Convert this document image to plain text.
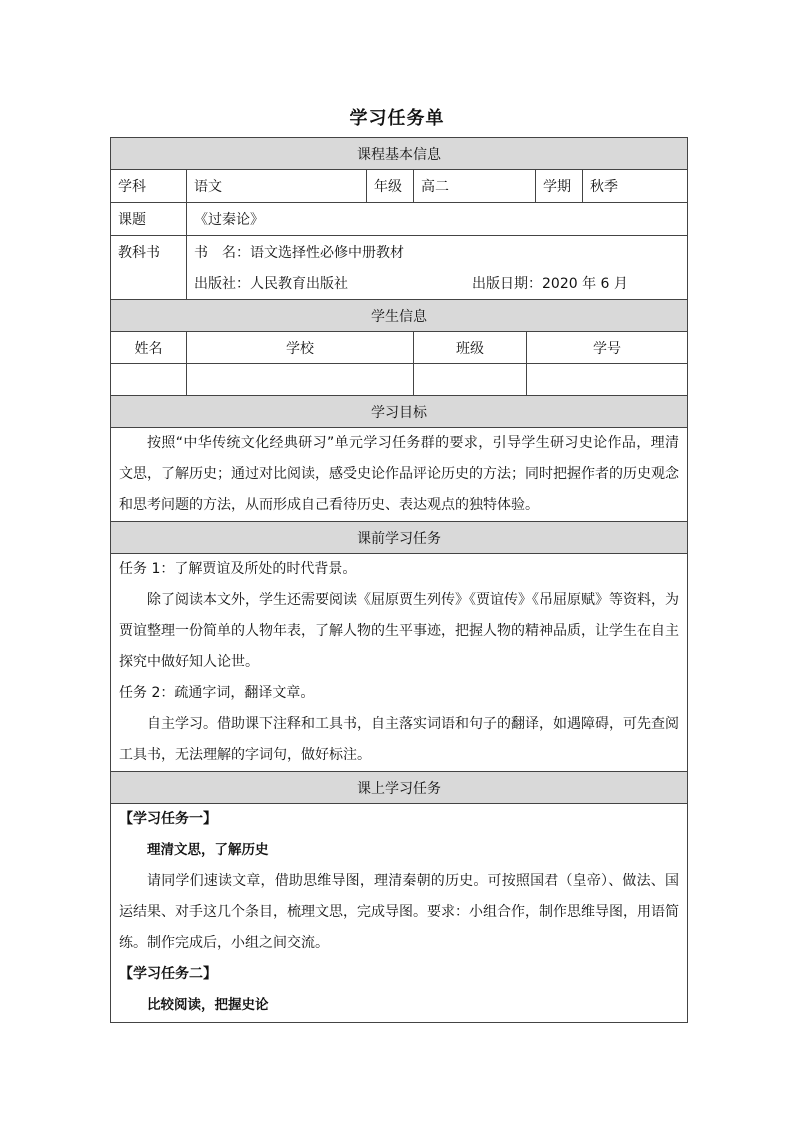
学习任务单
课程基本信息
学科	语文	年级	高二	学期	秋季
课题	《过秦论》
教科书	书　名：语文选择性必修中册教材
出版社：人民教育出版社	出版日期：2020 年 6 月
学生信息
姓名	学校	班级	学号
学习目标
按照“中华传统文化经典研习”单元学习任务群的要求，引导学生研习史论作品，理清文思，了解历史；通过对比阅读，感受史论作品评论历史的方法；同时把握作者的历史观念和思考问题的方法，从而形成自己看待历史、表达观点的独特体验。
课前学习任务
任务 1：了解贾谊及所处的时代背景。
除了阅读本文外，学生还需要阅读《屈原贾生列传》《贾谊传》《吊屈原赋》等资料，为贾谊整理一份简单的人物年表，了解人物的生平事迹，把握人物的精神品质，让学生在自主探究中做好知人论世。
任务 2：疏通字词，翻译文章。
自主学习。借助课下注释和工具书，自主落实词语和句子的翻译，如遇障碍，可先查阅工具书，无法理解的字词句，做好标注。
课上学习任务
【学习任务一】
理清文思，了解历史
请同学们速读文章，借助思维导图，理清秦朝的历史。可按照国君（皇帝）、做法、国运结果、对手这几个条目，梳理文思，完成导图。要求：小组合作，制作思维导图，用语简练。制作完成后，小组之间交流。
【学习任务二】
比较阅读，把握史论
